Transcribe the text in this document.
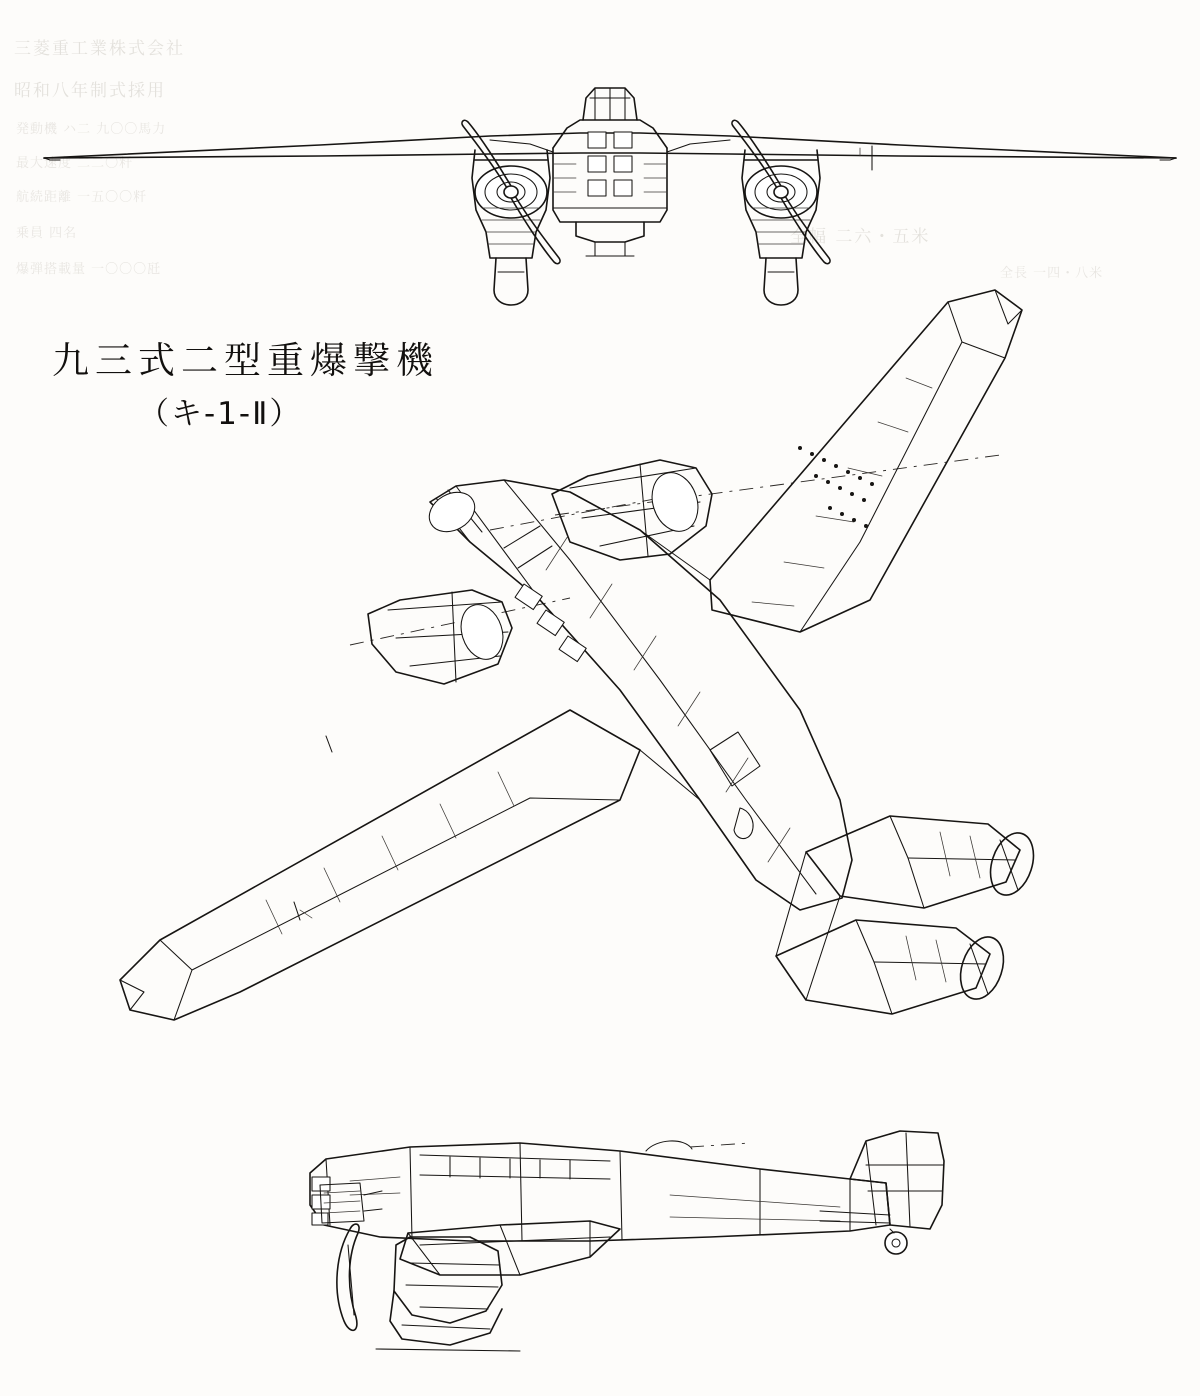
三菱重工業株式会社
昭和八年制式採用
発動機 ハ二 九〇〇馬力
最大速度 二二〇粁
航続距離 一五〇〇粁
乗員 四名
爆弾搭載量 一〇〇〇瓩
全幅 二六・五米
全長 一四・八米
九三式二型重爆撃機
（キ-1-Ⅱ）
